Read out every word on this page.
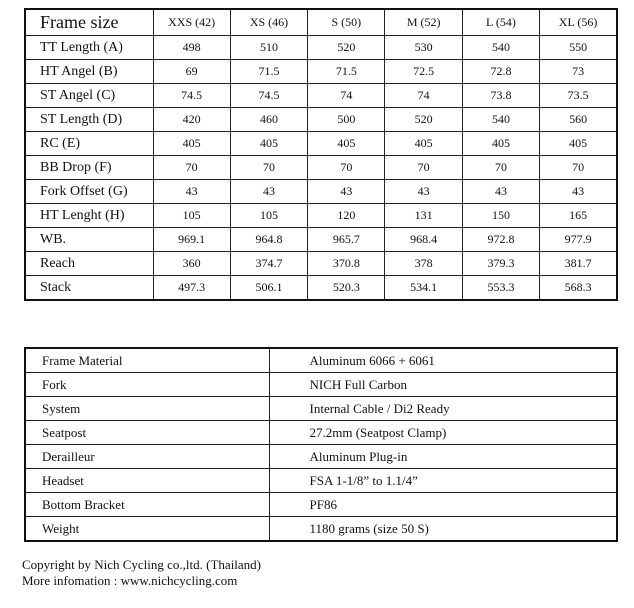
Frame size	XXS (42)	XS (46)	S (50)	M (52)	L (54)	XL (56)
TT Length (A)	498	510	520	530	540	550
HT Angel (B)	69	71.5	71.5	72.5	72.8	73
ST Angel (C)	74.5	74.5	74	74	73.8	73.5
ST Length (D)	420	460	500	520	540	560
RC (E)	405	405	405	405	405	405
BB Drop (F)	70	70	70	70	70	70
Fork Offset (G)	43	43	43	43	43	43
HT Lenght (H)	105	105	120	131	150	165
WB.	969.1	964.8	965.7	968.4	972.8	977.9
Reach	360	374.7	370.8	378	379.3	381.7
Stack	497.3	506.1	520.3	534.1	553.3	568.3
Frame Material	Aluminum 6066 + 6061
Fork	NICH Full Carbon
System	Internal Cable / Di2 Ready
Seatpost	27.2mm (Seatpost Clamp)
Derailleur	Aluminum Plug-in
Headset	FSA 1-1/8” to 1.1/4”
Bottom Bracket	PF86
Weight	1180 grams (size 50 S)
Copyright by Nich Cycling co.,ltd. (Thailand)
More infomation : www.nichcycling.com
